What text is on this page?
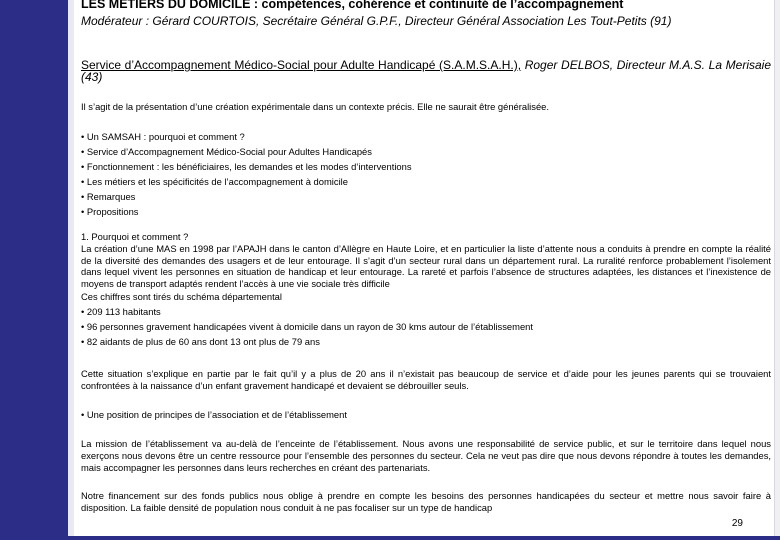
LES METIERS DU DOMICILE : compétences, cohérence et continuité de l’accompagnement

Modérateur : Gérard COURTOIS, Secrétaire Général G.P.F., Directeur Général Association Les Tout-Petits (91)

Service d’Accompagnement Médico-Social pour Adulte Handicapé (S.A.M.S.A.H.), Roger DELBOS, Directeur M.A.S. La Merisaie (43)

Il s’agit de la présentation d’une création expérimentale dans un contexte précis. Elle ne saurait être généralisée.

• Un SAMSAH : pourquoi et comment ?
• Service d’Accompagnement Médico-Social pour Adultes Handicapés
• Fonctionnement : les bénéficiaires, les demandes et les modes d’interventions
• Les métiers et les spécificités de l’accompagnement à domicile
• Remarques
• Propositions

1. Pourquoi et comment ?

La création d’une MAS en 1998 par l’APAJH dans le canton d’Allègre en Haute Loire, et en particulier la liste d’attente nous a conduits à prendre en compte la réalité de la diversité des demandes des usagers et de leur entourage. Il s’agit d’un secteur rural dans un département rural. La ruralité renforce probablement l’isolement dans lequel vivent les personnes en situation de handicap et leur entourage. La rareté et parfois l’absence de structures adaptées, les distances et l’inexistence de moyens de transport adaptés rendent l’accès à une vie sociale très difficile

Ces chiffres sont tirés du schéma départemental

• 209 113 habitants
• 96 personnes gravement handicapées vivent à domicile dans un rayon de 30 kms autour de l’établissement
• 82 aidants de plus de 60 ans dont 13 ont plus de 79 ans

Cette situation s’explique en partie par le fait qu’il y a plus de 20 ans il n’existait pas beaucoup de service et d’aide pour les jeunes parents qui se trouvaient confrontées à la naissance d’un enfant gravement handicapé et devaient se débrouiller seuls.

• Une position de principes de l’association et de l’établissement

La mission de l’établissement va au-delà de l’enceinte de l’établissement. Nous avons une responsabilité de service public, et sur le territoire dans lequel nous exerçons nous devons être un centre ressource pour l’ensemble des personnes du secteur. Cela ne veut pas dire que nous devons répondre à toutes les demandes, mais accompagner les personnes dans leurs recherches en créant des partenariats.

Notre financement sur des fonds publics nous oblige à prendre en compte les besoins des personnes handicapées du secteur et mettre nous savoir faire à disposition. La faible densité de population nous conduit à ne pas focaliser sur un type de handicap

29
